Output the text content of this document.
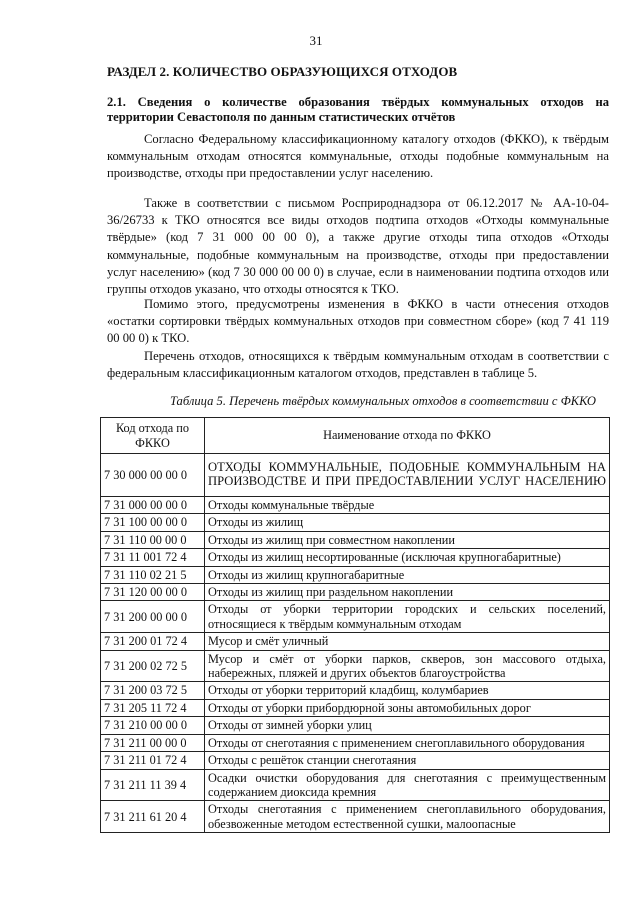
31
РАЗДЕЛ 2. КОЛИЧЕСТВО ОБРАЗУЮЩИХСЯ ОТХОДОВ
2.1. Сведения о количестве образования твёрдых коммунальных отходов на территории Севастополя по данным статистических отчётов

Согласно Федеральному классификационному каталогу отходов (ФККО), к твёрдым коммунальным отходам относятся коммунальные, отходы подобные коммунальным на производстве, отходы при предоставлении услуг населению.

Также в соответствии с письмом Росприроднадзора от 06.12.2017 № АА-10-04-36/26733 к ТКО относятся все виды отходов подтипа отходов «Отходы коммунальные твёрдые» (код 7 31 000 00 00 0), а также другие отходы типа отходов «Отходы коммунальные, подобные коммунальным на производстве, отходы при предоставлении услуг населению» (код 7 30 000 00 00 0) в случае, если в наименовании подтипа отходов или группы отходов указано, что отходы относятся к ТКО.

Помимо этого, предусмотрены изменения в ФККО в части отнесения отходов «остатки сортировки твёрдых коммунальных отходов при совместном сборе» (код 7 41 119 00 00 0) к ТКО.

Перечень отходов, относящихся к твёрдым коммунальным отходам в соответствии с федеральным классификационным каталогом отходов, представлен в таблице 5.

Таблица 5. Перечень твёрдых коммунальных отходов в соответствии с ФККО
Код отхода по ФККО	Наименование отхода по ФККО
7 30 000 00 00 0	ОТХОДЫ КОММУНАЛЬНЫЕ, ПОДОБНЫЕ КОММУНАЛЬНЫМ НА ПРОИЗВОДСТВЕ И ПРИ ПРЕДОСТАВЛЕНИИ УСЛУГ НАСЕЛЕНИЮ
7 31 000 00 00 0	Отходы коммунальные твёрдые
7 31 100 00 00 0	Отходы из жилищ
7 31 110 00 00 0	Отходы из жилищ при совместном накоплении
7 31 11 001 72 4	Отходы из жилищ несортированные (исключая крупногабаритные)
7 31 110 02 21 5	Отходы из жилищ крупногабаритные
7 31 120 00 00 0	Отходы из жилищ при раздельном накоплении
7 31 200 00 00 0	Отходы от уборки территории городских и сельских поселений, относящиеся к твёрдым коммунальным отходам
7 31 200 01 72 4	Мусор и смёт уличный
7 31 200 02 72 5	Мусор и смёт от уборки парков, скверов, зон массового отдыха, набережных, пляжей и других объектов благоустройства
7 31 200 03 72 5	Отходы от уборки территорий кладбищ, колумбариев
7 31 205 11 72 4	Отходы от уборки прибордюрной зоны автомобильных дорог
7 31 210 00 00 0	Отходы от зимней уборки улиц
7 31 211 00 00 0	Отходы от снеготаяния с применением снегоплавильного оборудования
7 31 211 01 72 4	Отходы с решёток станции снеготаяния
7 31 211 11 39 4	Осадки очистки оборудования для снеготаяния с преимущественным содержанием диоксида кремния
7 31 211 61 20 4	Отходы снеготаяния с применением снегоплавильного оборудования, обезвоженные методом естественной сушки, малоопасные
